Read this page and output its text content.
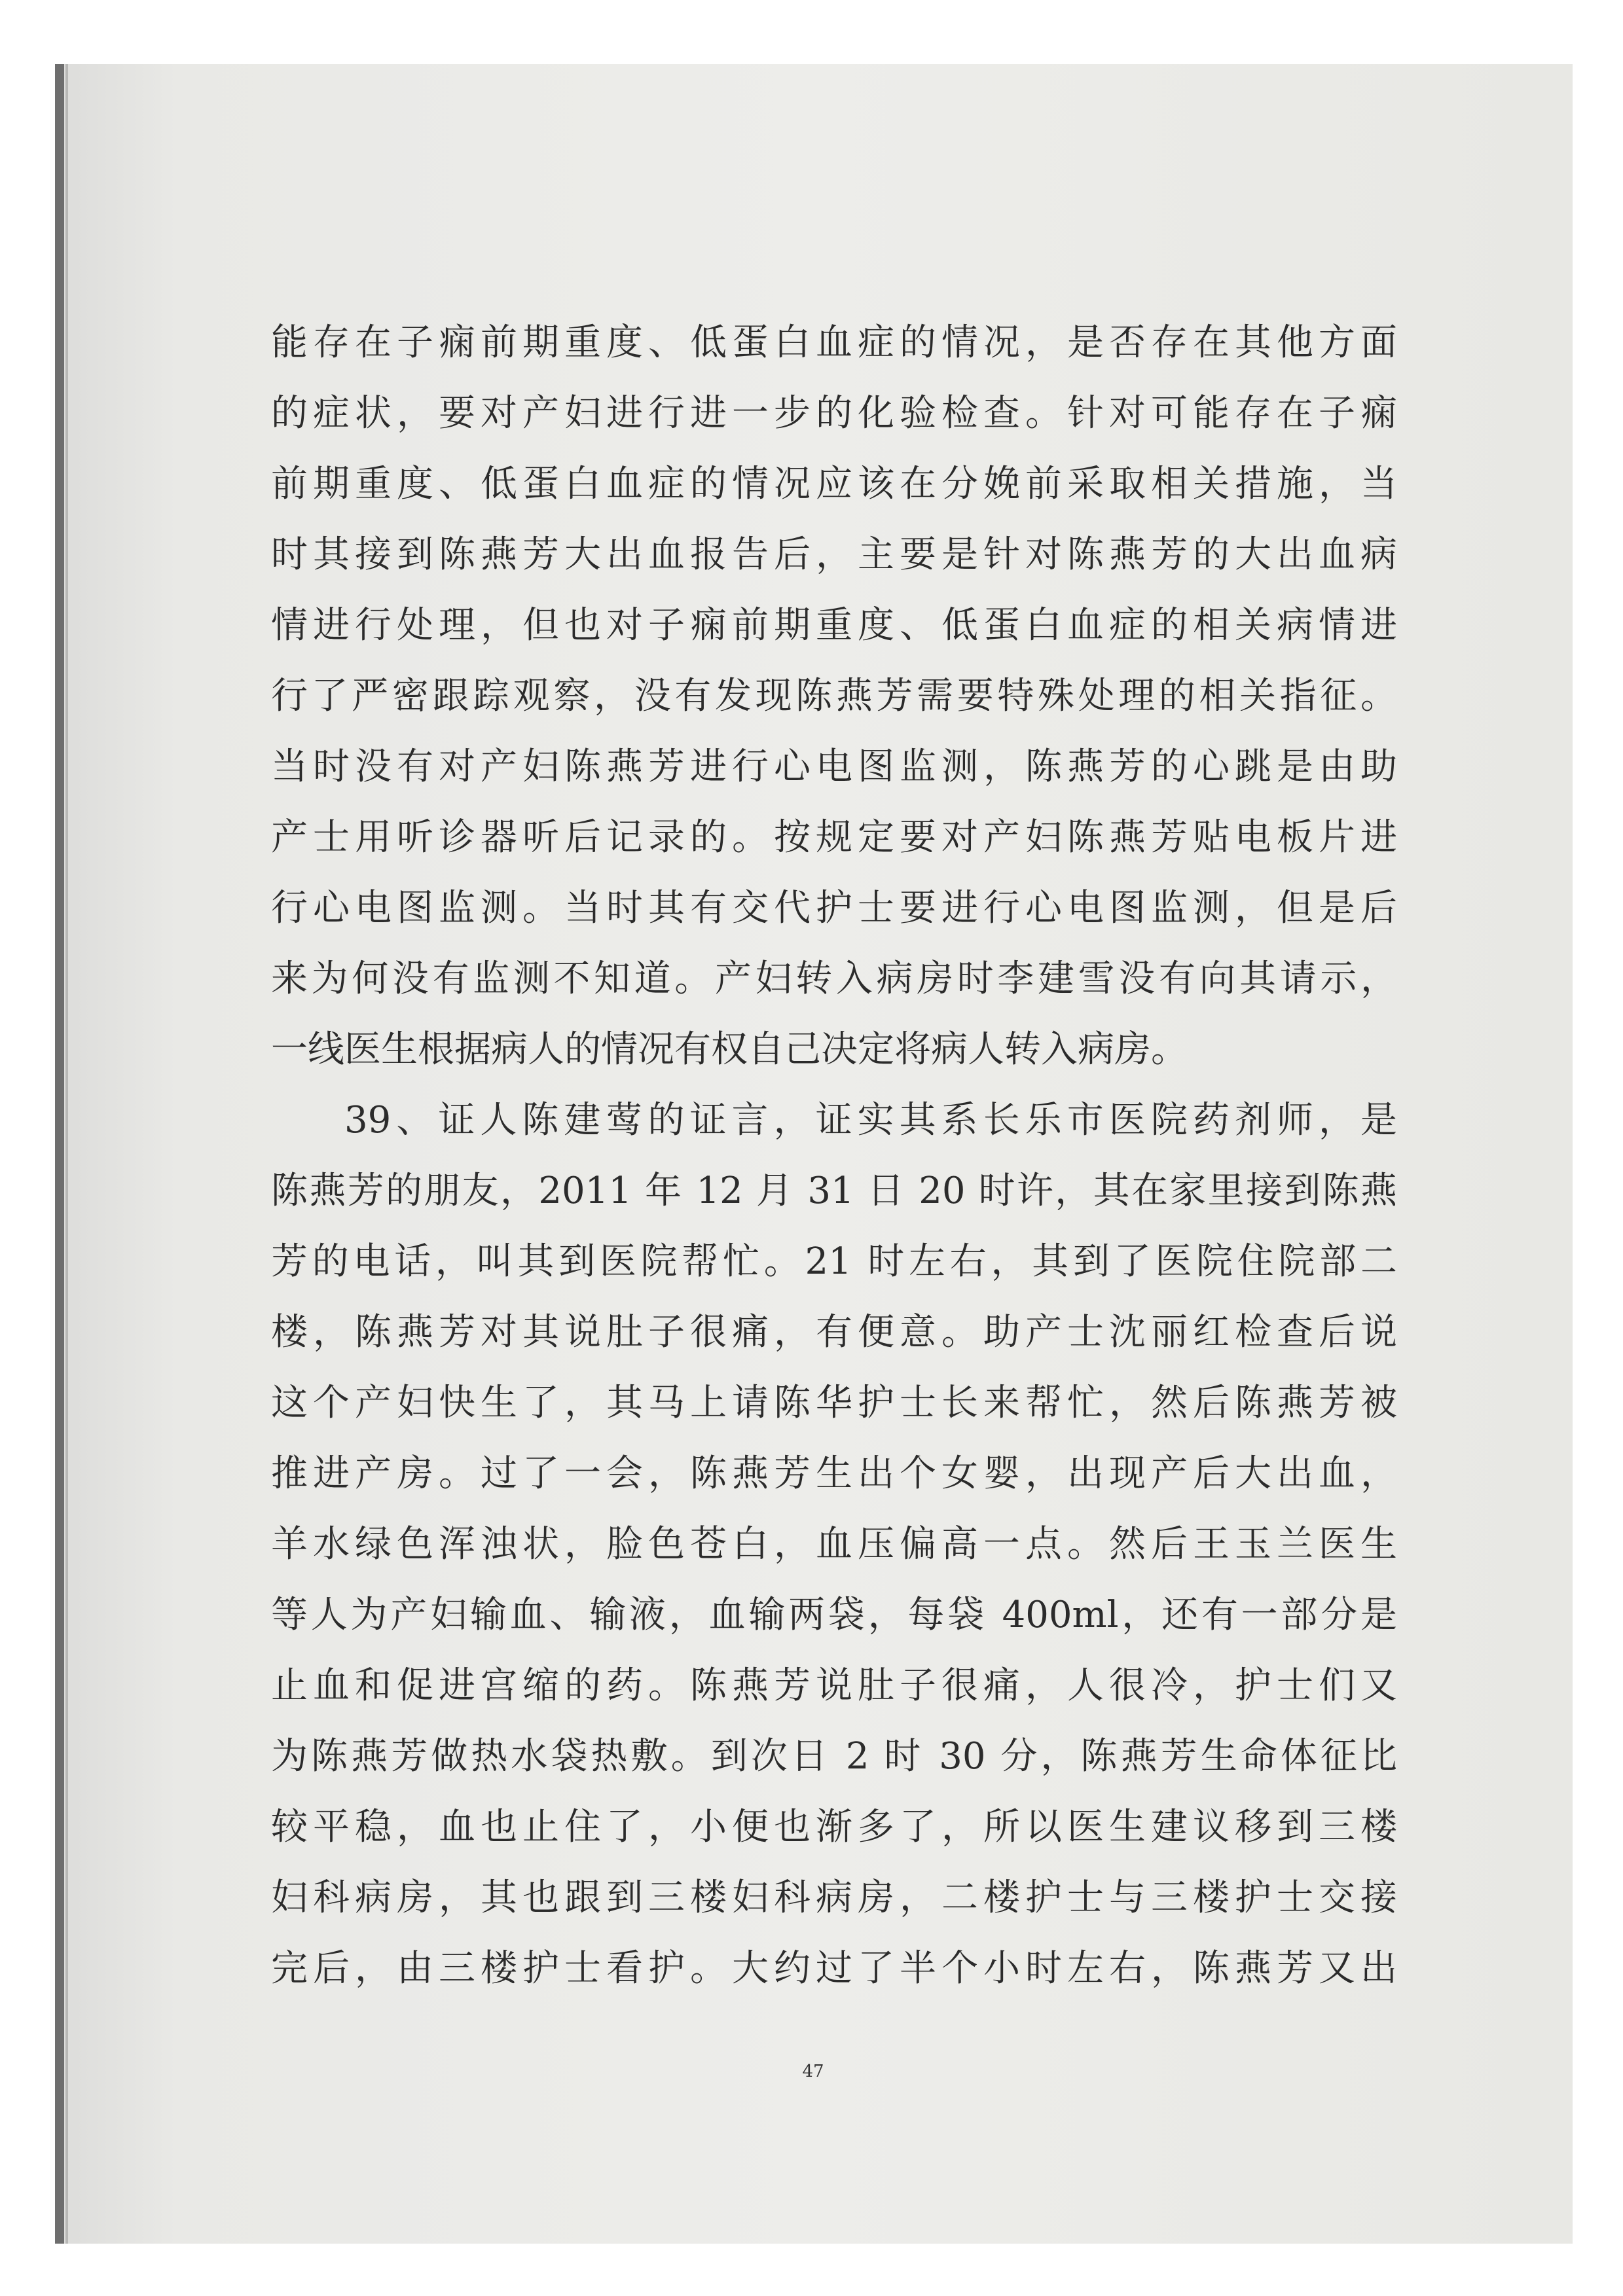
能存在子痫前期重度、低蛋白血症的情况，是否存在其他方面
的症状，要对产妇进行进一步的化验检查。针对可能存在子痫
前期重度、低蛋白血症的情况应该在分娩前采取相关措施，当
时其接到陈燕芳大出血报告后，主要是针对陈燕芳的大出血病
情进行处理，但也对子痫前期重度、低蛋白血症的相关病情进
行了严密跟踪观察，没有发现陈燕芳需要特殊处理的相关指征。
当时没有对产妇陈燕芳进行心电图监测，陈燕芳的心跳是由助
产士用听诊器听后记录的。按规定要对产妇陈燕芳贴电板片进
行心电图监测。当时其有交代护士要进行心电图监测，但是后
来为何没有监测不知道。产妇转入病房时李建雪没有向其请示，
一线医生根据病人的情况有权自己决定将病人转入病房。
39、证人陈建莺的证言，证实其系长乐市医院药剂师，是
陈燕芳的朋友，2011 年 12 月 31 日 20 时许，其在家里接到陈燕
芳的电话，叫其到医院帮忙。21 时左右，其到了医院住院部二
楼，陈燕芳对其说肚子很痛，有便意。助产士沈丽红检查后说
这个产妇快生了，其马上请陈华护士长来帮忙，然后陈燕芳被
推进产房。过了一会，陈燕芳生出个女婴，出现产后大出血，
羊水绿色浑浊状，脸色苍白，血压偏高一点。然后王玉兰医生
等人为产妇输血、输液，血输两袋，每袋 400ml，还有一部分是
止血和促进宫缩的药。陈燕芳说肚子很痛，人很冷，护士们又
为陈燕芳做热水袋热敷。到次日 2 时 30 分，陈燕芳生命体征比
较平稳，血也止住了，小便也渐多了，所以医生建议移到三楼
妇科病房，其也跟到三楼妇科病房，二楼护士与三楼护士交接
完后，由三楼护士看护。大约过了半个小时左右，陈燕芳又出
47
